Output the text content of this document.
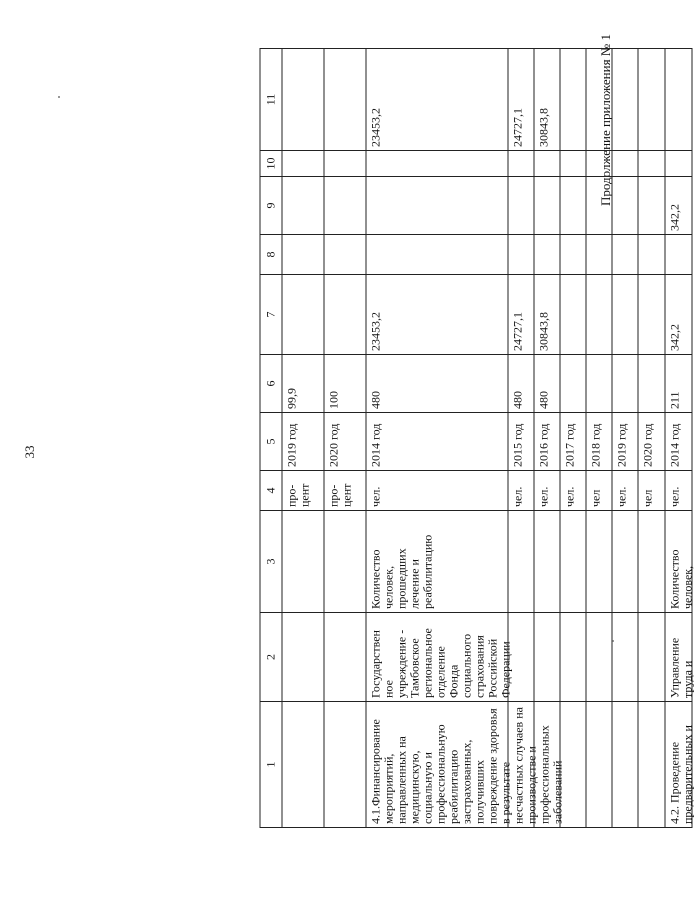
33
Продолжение приложения № 1
1
2
3
4
5
6
7
8
9
10
11
про-
цент
2019 год
99,9
про-
цент
2020 год
100
4.1.Финансирование мероприятий, направленных на медицинскую, социальную и профессиональную реабилитацию застрахованных, получивших повреждение здоровья в результате несчастных случаев на производстве и профессиональных заболеваний
Государствен ное учреждение - Тамбовское региональное отделение Фонда социального страхования Российской Федерации
Количество человек, прошедших лечение и реабилитацию
чел.
2014 год
480
23453,2
23453,2
чел.
2015 год
480
24727,1
24727,1
чел.
2016 год
480
30843,8
30843,8
чел.
2017 год
чел
2018 год
чел.
2019 год
чел
2020 год
4.2. Проведение предварительных и
Управление труда и
Количество человек,
чел.
2014 год
211
342,2
342,2
